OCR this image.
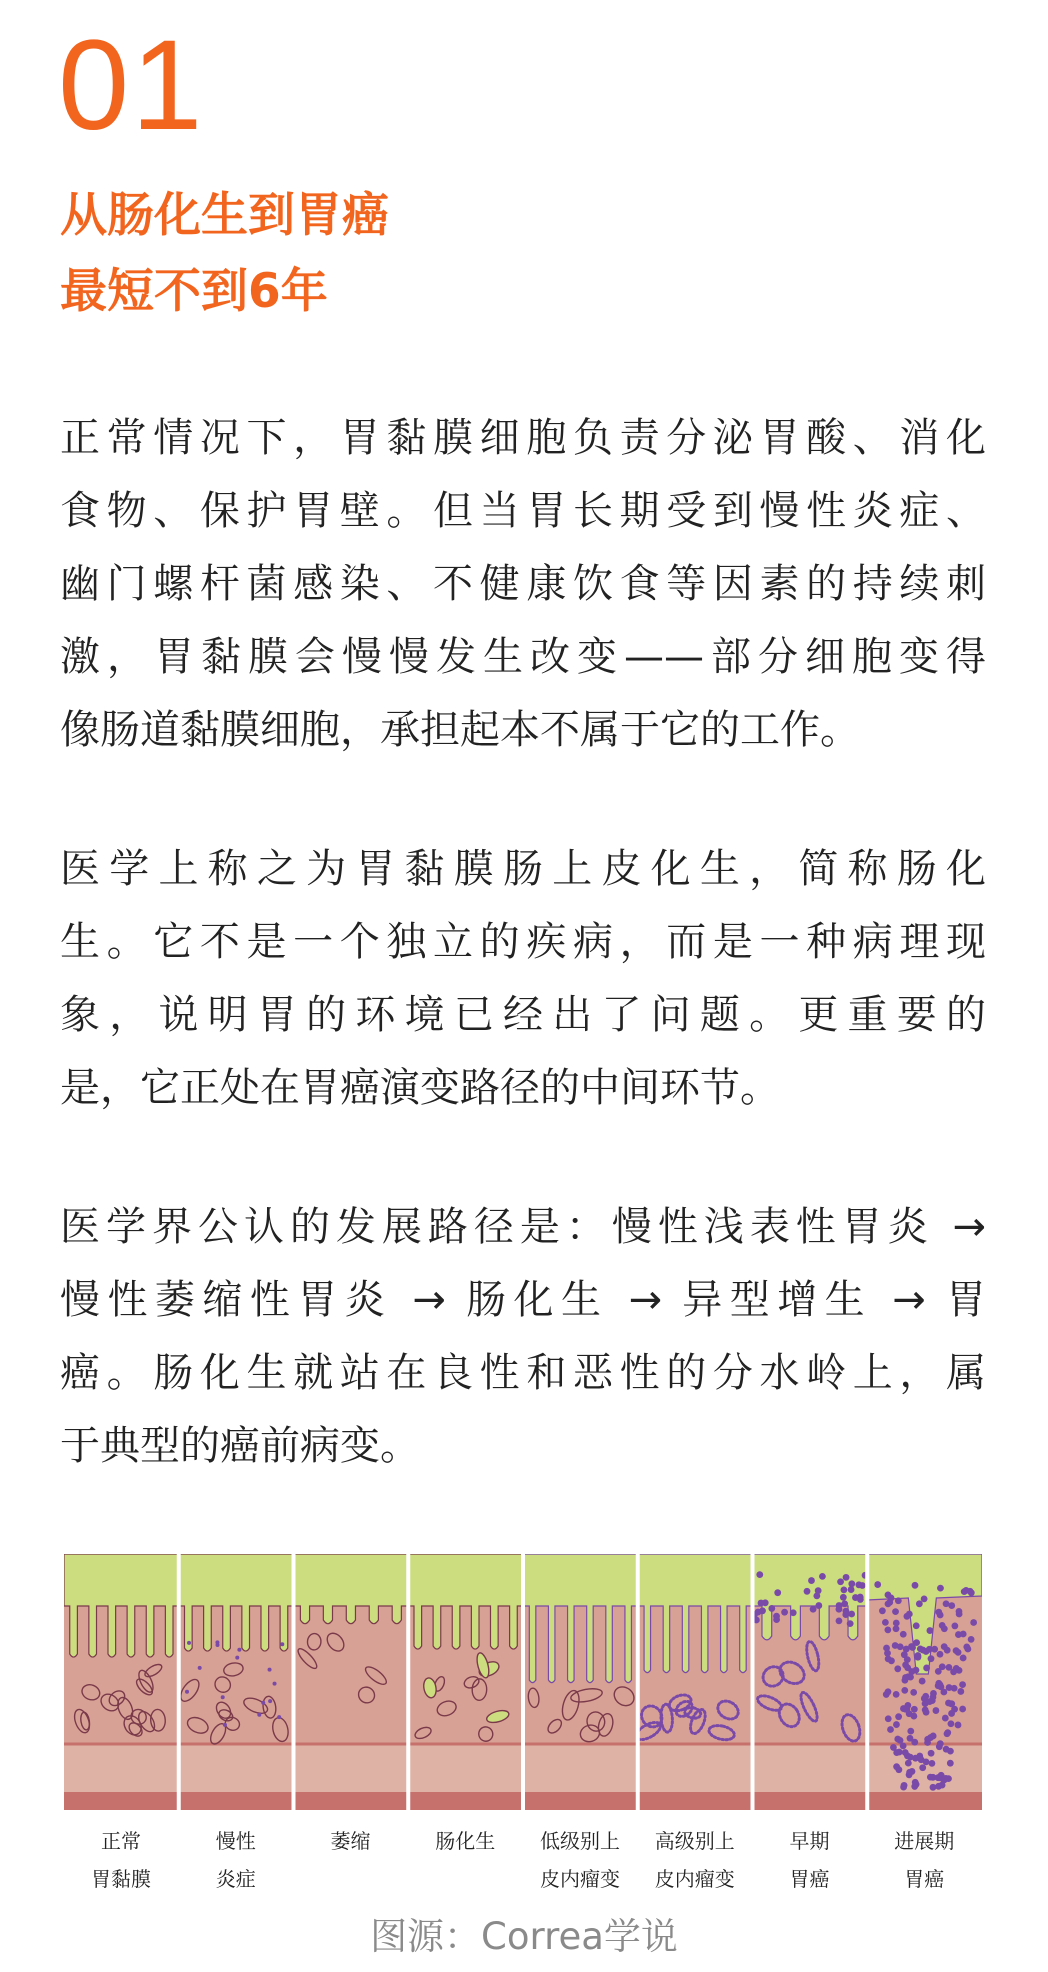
01
从肠化生到胃癌
最短不到6年
正常情况下，胃黏膜细胞负责分泌胃酸、消化
食物、保护胃壁。但当胃长期受到慢性炎症、
幽门螺杆菌感染、不健康饮食等因素的持续刺
激，胃黏膜会慢慢发生改变——部分细胞变得
像肠道黏膜细胞，承担起本不属于它的工作。
医学上称之为胃黏膜肠上皮化生，简称肠化
生。它不是一个独立的疾病，而是一种病理现
象，说明胃的环境已经出了问题。更重要的
是，它正处在胃癌演变路径的中间环节。
医学界公认的发展路径是：慢性浅表性胃炎 →
慢性萎缩性胃炎 → 肠化生 → 异型增生 → 胃
癌。肠化生就站在良性和恶性的分水岭上，属
于典型的癌前病变。
正常
胃黏膜
慢性
炎症
萎缩	肠化生	低级别上
皮内瘤变
高级别上
皮内瘤变
早期
胃癌
进展期
胃癌
图源：Correa学说
